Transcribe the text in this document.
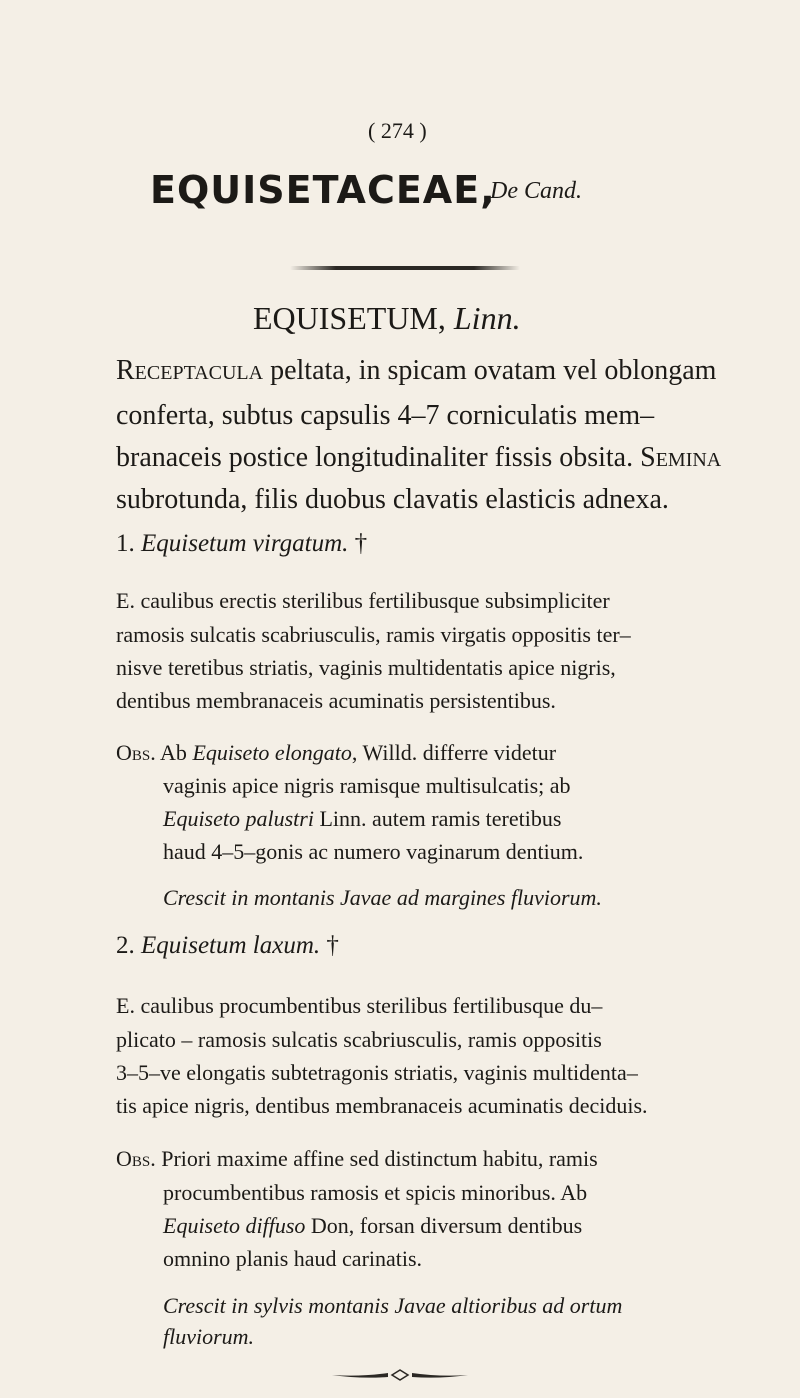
( 274 )
EQUISETACEAE,
De Cand.
EQUISETUM, Linn.
Receptacula peltata, in spicam ovatam vel oblongam
conferta, subtus capsulis 4–7 corniculatis mem–
branaceis postice longitudinaliter fissis obsita. Semina
subrotunda, filis duobus clavatis elasticis adnexa.
1. Equisetum virgatum. †
E. caulibus erectis sterilibus fertilibusque subsimpliciter
ramosis sulcatis scabriusculis, ramis virgatis oppositis ter–
nisve teretibus striatis, vaginis multidentatis apice nigris,
dentibus membranaceis acuminatis persistentibus.
Obs. Ab Equiseto elongato, Willd. differre videtur
vaginis apice nigris ramisque multisulcatis; ab
Equiseto palustri Linn. autem ramis teretibus
haud 4–5–gonis ac numero vaginarum dentium.
Crescit in montanis Javae ad margines fluviorum.
2. Equisetum laxum. †
E. caulibus procumbentibus sterilibus fertilibusque du–
plicato – ramosis sulcatis scabriusculis, ramis oppositis
3–5–ve elongatis subtetragonis striatis, vaginis multidenta–
tis apice nigris, dentibus membranaceis acuminatis deciduis.
Obs. Priori maxime affine sed distinctum habitu, ramis
procumbentibus ramosis et spicis minoribus. Ab
Equiseto diffuso Don, forsan diversum dentibus
omnino planis haud carinatis.
Crescit in sylvis montanis Javae altioribus ad ortum
fluviorum.
